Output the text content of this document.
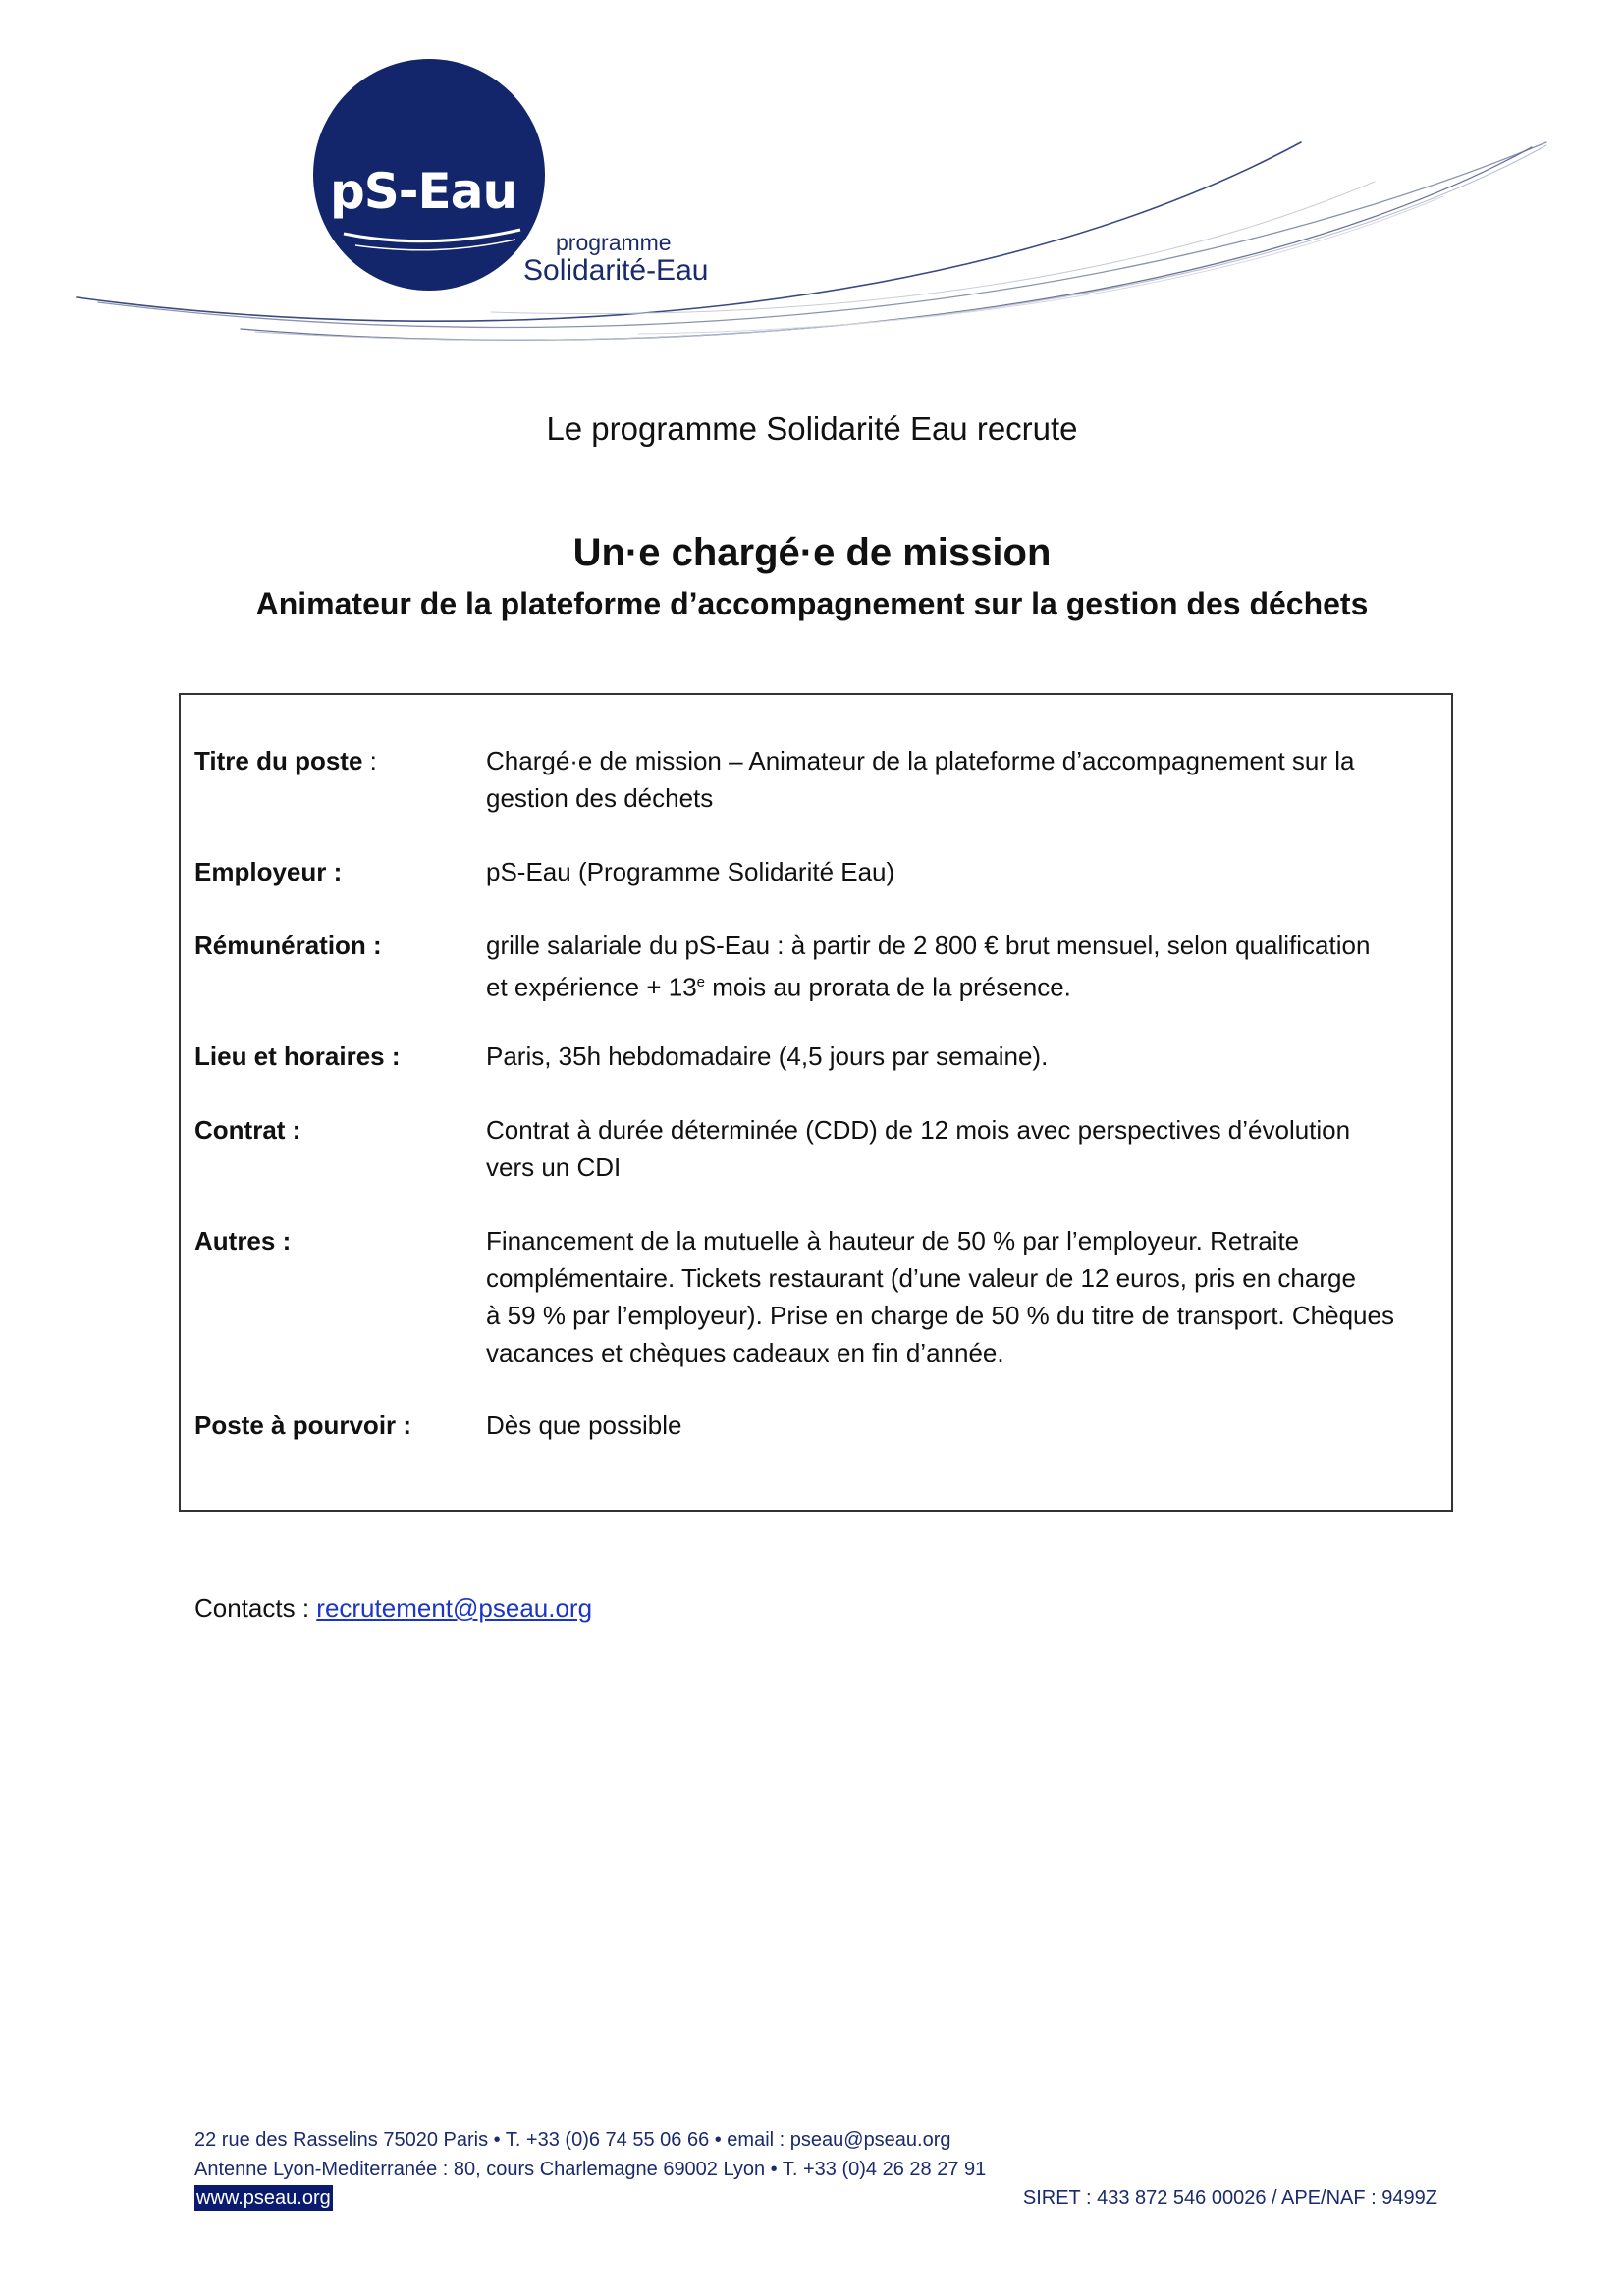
pS-Eau
programme
Solidarité-Eau
Le programme Solidarité Eau recrute
Un·e chargé·e de mission
Animateur de la plateforme d’accompagnement sur la gestion des déchets
Titre du poste :	Chargé·e de mission – Animateur de la plateforme d’accompagnement sur la
gestion des déchets
Employeur :	pS-Eau (Programme Solidarité Eau)
Rémunération :	grille salariale du pS-Eau : à partir de 2 800 € brut mensuel, selon qualification
et expérience + $13^e$ mois au prorata de la présence.
Lieu et horaires :	Paris, 35h hebdomadaire (4,5 jours par semaine).
Contrat :	Contrat à durée déterminée (CDD) de 12 mois avec perspectives d’évolution
vers un CDI
Autres :	Financement de la mutuelle à hauteur de 50 % par l’employeur. Retraite
complémentaire. Tickets restaurant (d’une valeur de 12 euros, pris en charge
à 59 % par l’employeur). Prise en charge de 50 % du titre de transport. Chèques
vacances et chèques cadeaux en fin d’année.
Poste à pourvoir :	Dès que possible
Contacts : recrutement@pseau.org
22 rue des Rasselins 75020 Paris • T. +33 (0)6 74 55 06 66 • email : pseau@pseau.org
Antenne Lyon-Mediterranée : 80, cours Charlemagne 69002 Lyon • T. +33 (0)4 26 28 27 91
www.pseau.org	SIRET : 433 872 546 00026 / APE/NAF : 9499Z
